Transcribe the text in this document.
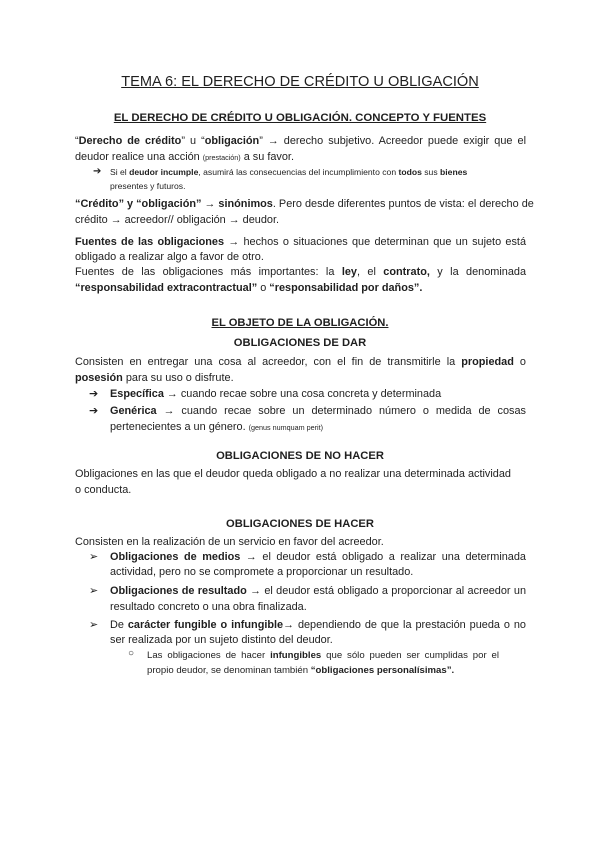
TEMA 6: EL DERECHO DE CRÉDITO U OBLIGACIÓN
EL DERECHO DE CRÉDITO U OBLIGACIÓN. CONCEPTO Y FUENTES
“Derecho de crédito” u “obligación” → derecho subjetivo. Acreedor puede exigir que el
deudor realice una acción (prestación) a su favor.
➔ Si el deudor incumple, asumirá las consecuencias del incumplimiento con todos sus bienes
presentes y futuros.
“Crédito” y “obligación” → sinónimos. Pero desde diferentes puntos de vista: el derecho de
crédito → acreedor// obligación → deudor.
Fuentes de las obligaciones → hechos o situaciones que determinan que un sujeto está
obligado a realizar algo a favor de otro.
Fuentes de las obligaciones más importantes: la ley, el contrato, y la denominada
“responsabilidad extracontractual” o “responsabilidad por daños”.
EL OBJETO DE LA OBLIGACIÓN.
OBLIGACIONES DE DAR
Consisten en entregar una cosa al acreedor, con el fin de transmitirle la propiedad o
posesión para su uso o disfrute.
➔ Específica → cuando recae sobre una cosa concreta y determinada
➔ Genérica → cuando recae sobre un determinado número o medida de cosas
pertenecientes a un género. (genus numquam perit)
OBLIGACIONES DE NO HACER
Obligaciones en las que el deudor queda obligado a no realizar una determinada actividad
o conducta.
OBLIGACIONES DE HACER
Consisten en la realización de un servicio en favor del acreedor.
➢ Obligaciones de medios → el deudor está obligado a realizar una determinada
actividad, pero no se compromete a proporcionar un resultado.
➢ Obligaciones de resultado → el deudor está obligado a proporcionar al acreedor un
resultado concreto o una obra finalizada.
➢ De carácter fungible o infungible→ dependiendo de que la prestación pueda o no
ser realizada por un sujeto distinto del deudor.
○ Las obligaciones de hacer infungibles que sólo pueden ser cumplidas por el
propio deudor, se denominan también “obligaciones personalísimas”.
